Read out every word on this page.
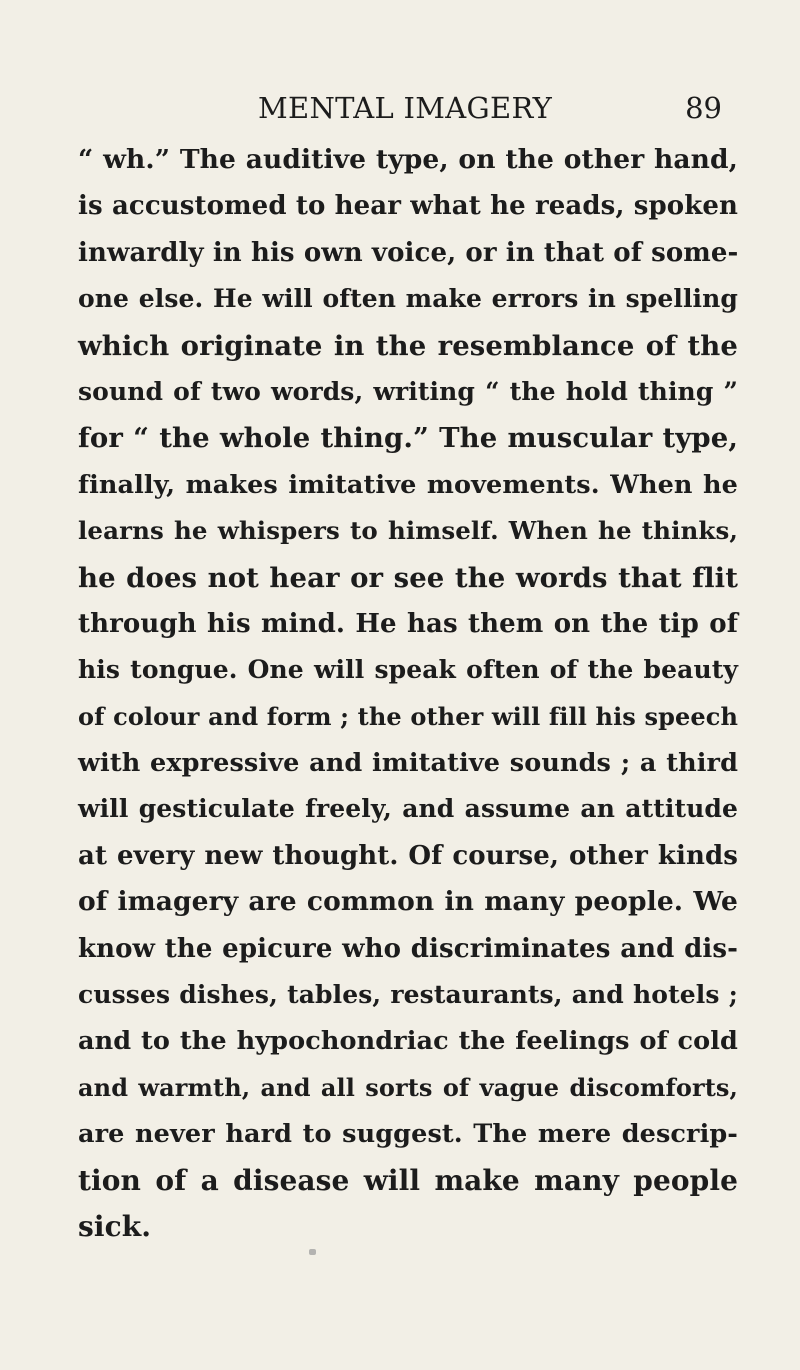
MENTAL IMAGERY	89
“ wh.” The auditive type, on the other hand,
is accustomed to hear what he reads, spoken
inwardly in his own voice, or in that of some-
one else. He will often make errors in spelling
which originate in the resemblance of the
sound of two words, writing “ the hold thing ”
for “ the whole thing.” The muscular type,
finally, makes imitative movements. When he
learns he whispers to himself. When he thinks,
he does not hear or see the words that flit
through his mind. He has them on the tip of
his tongue. One will speak often of the beauty
of colour and form ; the other will fill his speech
with expressive and imitative sounds ; a third
will gesticulate freely, and assume an attitude
at every new thought. Of course, other kinds
of imagery are common in many people. We
know the epicure who discriminates and dis-
cusses dishes, tables, restaurants, and hotels ;
and to the hypochondriac the feelings of cold
and warmth, and all sorts of vague discomforts,
are never hard to suggest. The mere descrip-
tion of a disease will make many people
sick.
